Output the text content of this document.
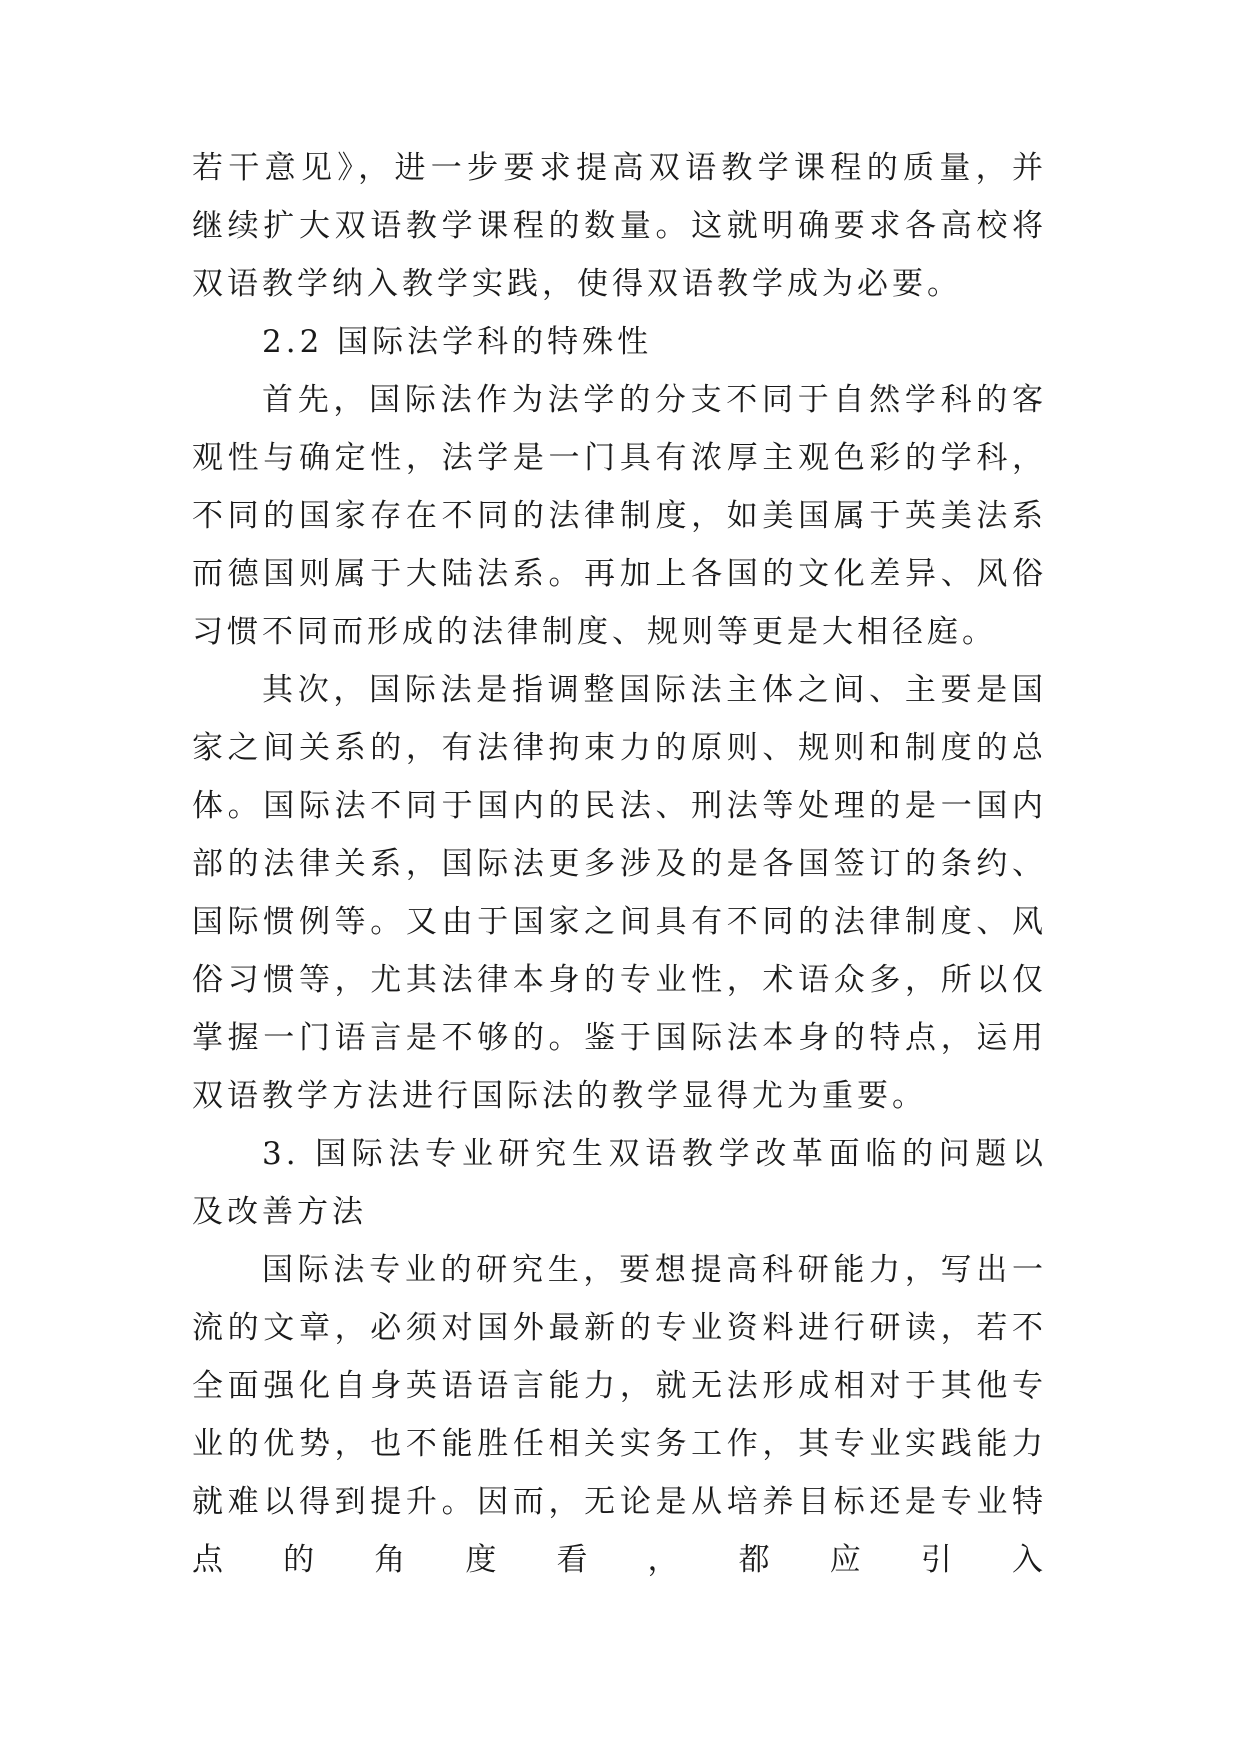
若干意见》，进一步要求提高双语教学课程的质量，并继续扩大双语教学课程的数量。这就明确要求各高校将双语教学纳入教学实践，使得双语教学成为必要。

2.2 国际法学科的特殊性

首先，国际法作为法学的分支不同于自然学科的客观性与确定性，法学是一门具有浓厚主观色彩的学科，不同的国家存在不同的法律制度，如美国属于英美法系而德国则属于大陆法系。再加上各国的文化差异、风俗习惯不同而形成的法律制度、规则等更是大相径庭。

其次，国际法是指调整国际法主体之间、主要是国家之间关系的，有法律拘束力的原则、规则和制度的总体。国际法不同于国内的民法、刑法等处理的是一国内部的法律关系，国际法更多涉及的是各国签订的条约、国际惯例等。又由于国家之间具有不同的法律制度、风俗习惯等，尤其法律本身的专业性，术语众多，所以仅掌握一门语言是不够的。鉴于国际法本身的特点，运用双语教学方法进行国际法的教学显得尤为重要。

3. 国际法专业研究生双语教学改革面临的问题以及改善方法

国际法专业的研究生，要想提高科研能力，写出一流的文章，必须对国外最新的专业资料进行研读，若不全面强化自身英语语言能力，就无法形成相对于其他专业的优势，也不能胜任相关实务工作，其专业实践能力就难以得到提升。因而，无论是从培养目标还是专业特点的角度看，都应引入
